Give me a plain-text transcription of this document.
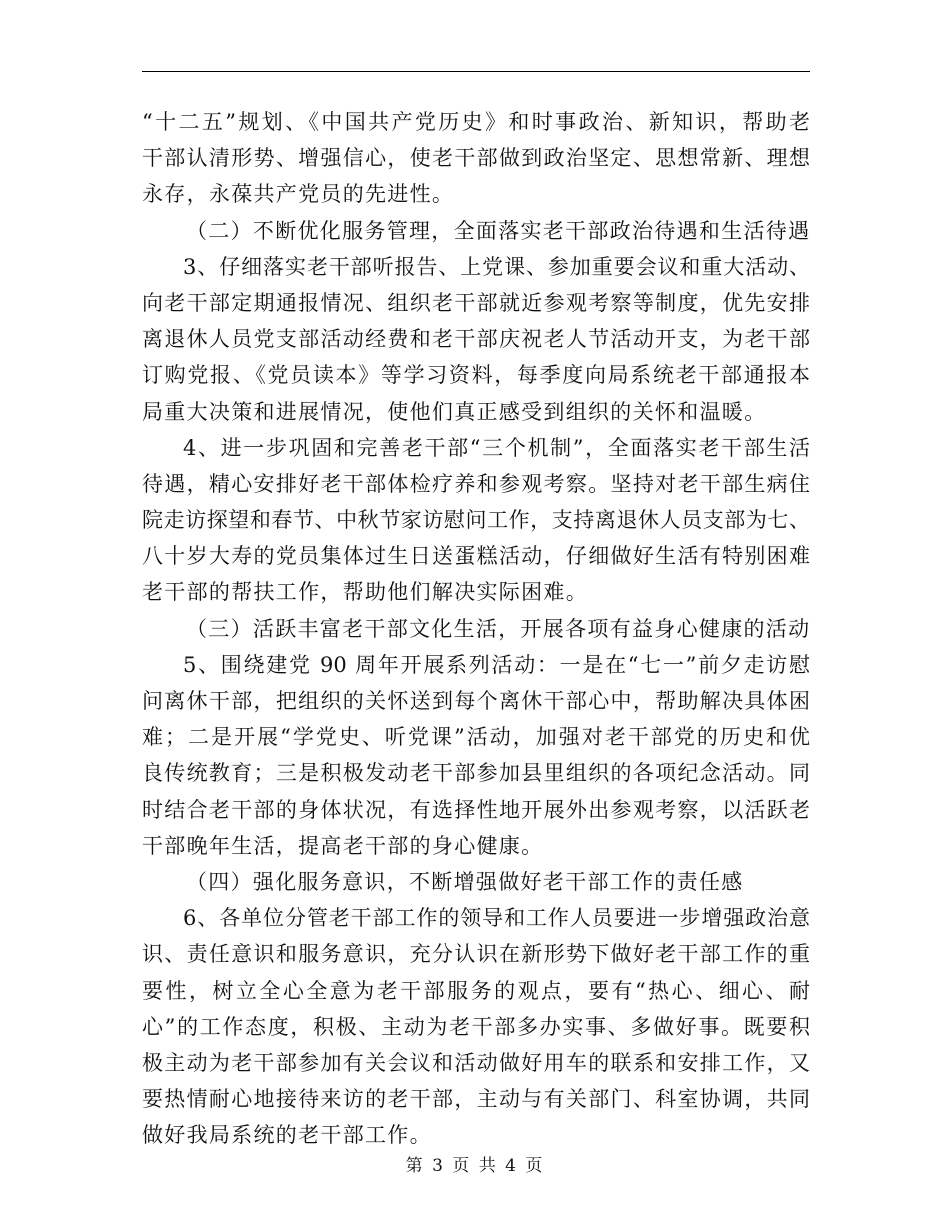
“十二五”规划、《中国共产党历史》和时事政治、新知识，帮助老
干部认清形势、增强信心，使老干部做到政治坚定、思想常新、理想
永存，永葆共产党员的先进性。
（二）不断优化服务管理，全面落实老干部政治待遇和生活待遇
3、仔细落实老干部听报告、上党课、参加重要会议和重大活动、
向老干部定期通报情况、组织老干部就近参观考察等制度，优先安排
离退休人员党支部活动经费和老干部庆祝老人节活动开支，为老干部
订购党报、《党员读本》等学习资料，每季度向局系统老干部通报本
局重大决策和进展情况，使他们真正感受到组织的关怀和温暖。
4、进一步巩固和完善老干部“三个机制”，全面落实老干部生活
待遇，精心安排好老干部体检疗养和参观考察。坚持对老干部生病住
院走访探望和春节、中秋节家访慰问工作，支持离退休人员支部为七、
八十岁大寿的党员集体过生日送蛋糕活动，仔细做好生活有特别困难
老干部的帮扶工作，帮助他们解决实际困难。
（三）活跃丰富老干部文化生活，开展各项有益身心健康的活动
5、围绕建党 90 周年开展系列活动：一是在“七一”前夕走访慰
问离休干部，把组织的关怀送到每个离休干部心中，帮助解决具体困
难；二是开展“学党史、听党课”活动，加强对老干部党的历史和优
良传统教育；三是积极发动老干部参加县里组织的各项纪念活动。同
时结合老干部的身体状况，有选择性地开展外出参观考察，以活跃老
干部晚年生活，提高老干部的身心健康。
（四）强化服务意识，不断增强做好老干部工作的责任感
6、各单位分管老干部工作的领导和工作人员要进一步增强政治意
识、责任意识和服务意识，充分认识在新形势下做好老干部工作的重
要性，树立全心全意为老干部服务的观点，要有“热心、细心、耐
心”的工作态度，积极、主动为老干部多办实事、多做好事。既要积
极主动为老干部参加有关会议和活动做好用车的联系和安排工作，又
要热情耐心地接待来访的老干部，主动与有关部门、科室协调，共同
做好我局系统的老干部工作。
第 3 页 共 4 页
